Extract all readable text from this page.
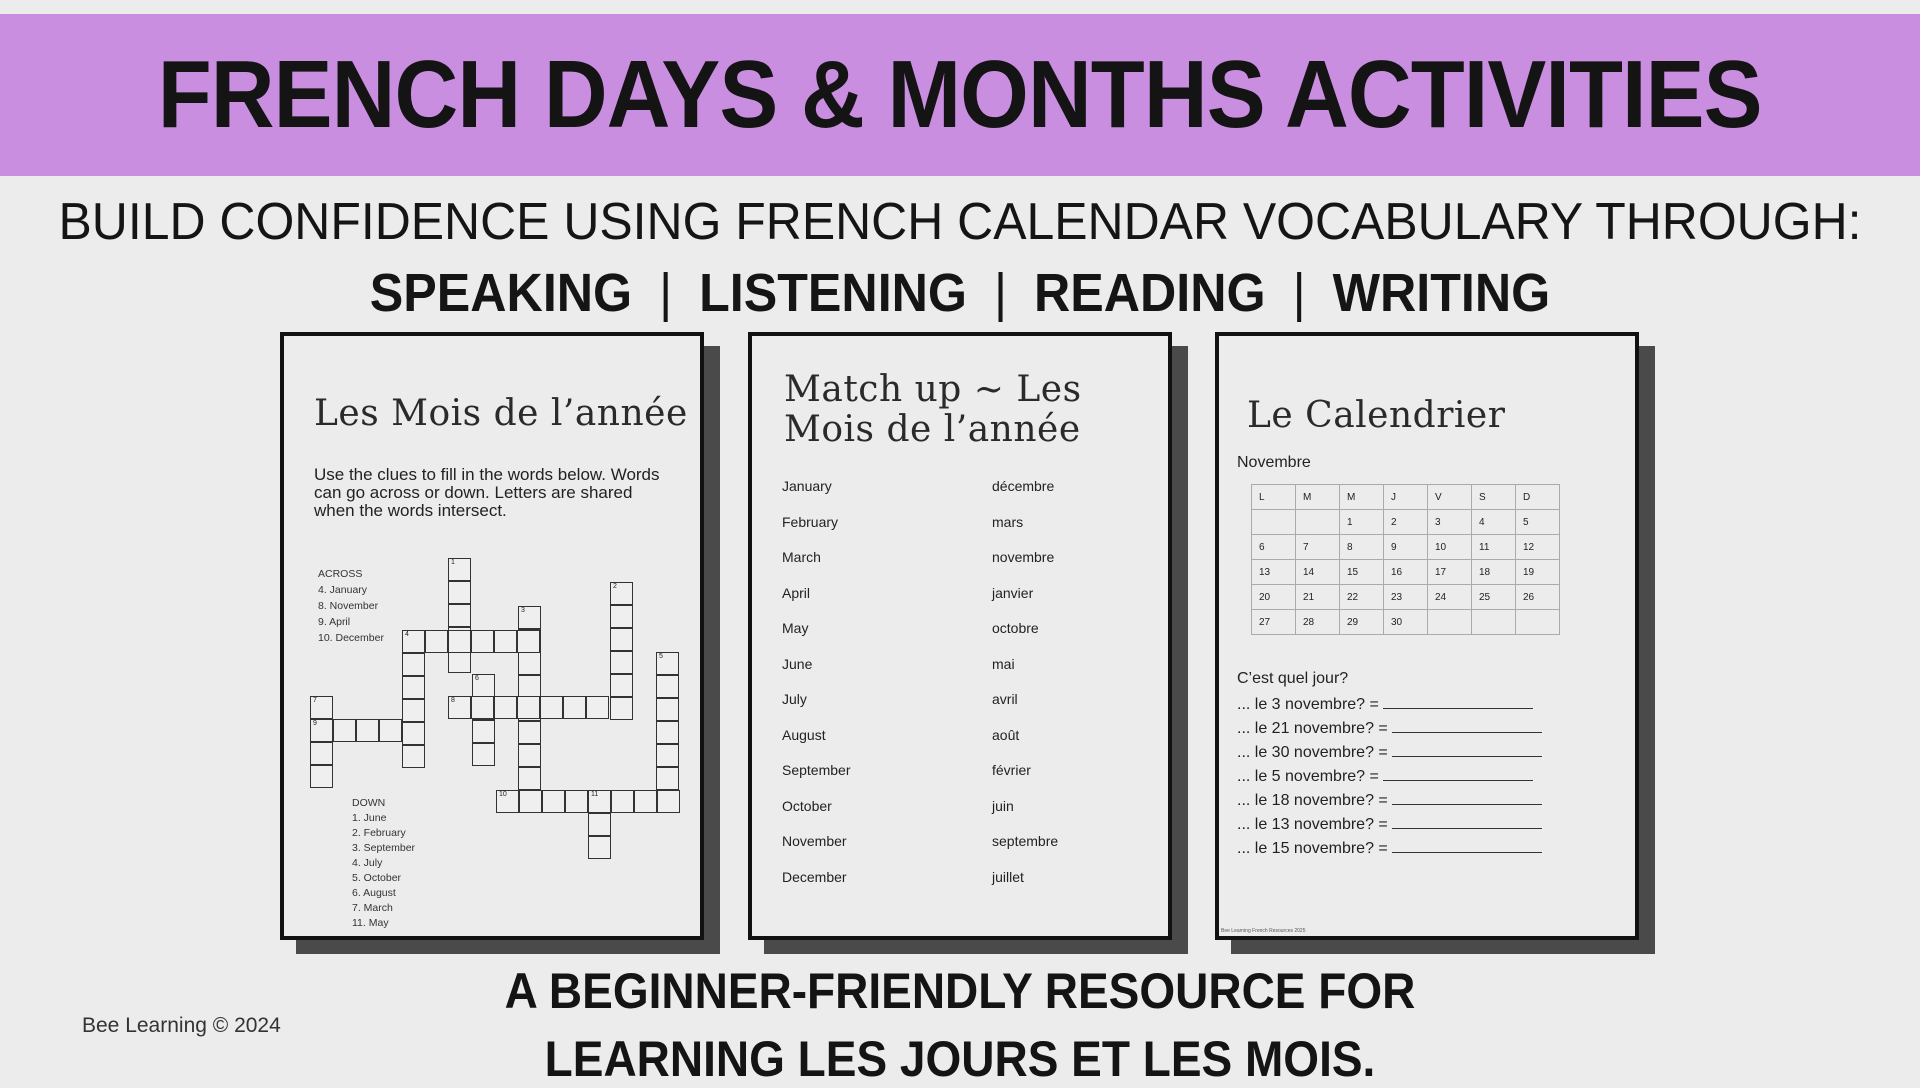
FRENCH DAYS & MONTHS ACTIVITIES
BUILD CONFIDENCE USING FRENCH CALENDAR VOCABULARY THROUGH:
SPEAKING | LISTENING | READING | WRITING
1
2
3
4
5
6
7
9
8
10	11
Les Mois de l’année
Use the clues to fill in the words below. Words can go across or down. Letters are shared when the words intersect.
ACROSS
4. January
8. November
9. April
10. December
DOWN
1. June
2. February
3. September
4. July
5. October
6. August
7. March
11. May
Match up ~ Les Mois de l’année
January	décembre
February	mars
March	novembre
April	janvier
May	octobre
June	mai
July	avril
August	août
September	février
October	juin
November	septembre
December	juillet
Le Calendrier
Novembre
L	M	M	J	V	S	D
		1	2	3	4	5
6	7	8	9	10	11	12
13	14	15	16	17	18	19
20	21	22	23	24	25	26
27	28	29	30			
C’est quel jour?
... le 3 novembre? =
... le 21 novembre? =
... le 30 novembre? =
... le 5 novembre? =
... le 18 novembre? =
... le 13 novembre? =
... le 15 novembre? =
Bee Learning French Resources 2025
Bee Learning © 2024
A BEGINNER-FRIENDLY RESOURCE FOR
LEARNING LES JOURS ET LES MOIS.
